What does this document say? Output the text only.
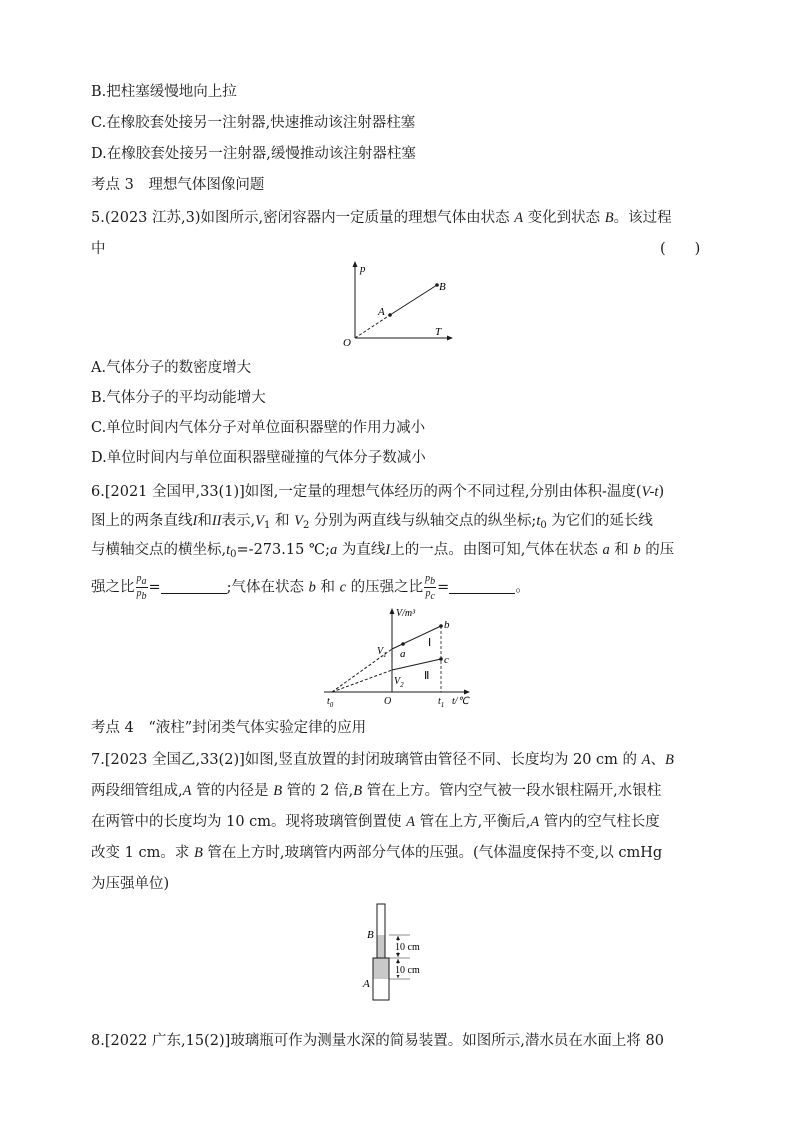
B.把柱塞缓慢地向上拉
C.在橡胶套处接另一注射器,快速推动该注射器柱塞
D.在橡胶套处接另一注射器,缓慢推动该注射器柱塞
考点 3　理想气体图像问题
5.(2023 江苏,3)如图所示,密闭容器内一定质量的理想气体由状态 A 变化到状态 B。该过程
中	(　　)
p
T
O
A
B
A.气体分子的数密度增大
B.气体分子的平均动能增大
C.单位时间内气体分子对单位面积器壁的作用力减小
D.单位时间内与单位面积器壁碰撞的气体分子数减小
6.[2021 全国甲,33(1)]如图,一定量的理想气体经历的两个不同过程,分别由体积-温度(V-t)
图上的两条直线I和II表示$,V_1$ 和 $V_2$ 分别为两直线与纵轴交点的纵坐标$;t_0$ 为它们的延长线
与横轴交点的横坐标$,t_0=-273.15$ ℃;a 为直线I上的一点。由图可知,气体在状态 a 和 b 的压
强之比 $\frac{pa}{pb}$ =	;气体在状态 b 和 c 的压强之比 $\frac{pb}{pc}$ =	。
V/m³
b
c
a
$V_1$
$V_2$
Ⅰ
Ⅱ
$t_0$	O	$t_1$ t/℃
考点 4　“液柱”封闭类气体实验定律的应用
7.[2023 全国乙,33(2)]如图,竖直放置的封闭玻璃管由管径不同、长度均为 20 cm 的 A、B
两段细管组成,A 管的内径是 B 管的 2 倍,B 管在上方。管内空气被一段水银柱隔开,水银柱
在两管中的长度均为 10 cm。现将玻璃管倒置使 A 管在上方,平衡后,A 管内的空气柱长度
改变 1 cm。求 B 管在上方时,玻璃管内两部分气体的压强。(气体温度保持不变,以 cmHg
为压强单位)
10 cm
10 cm
B
A
8.[2022 广东,15(2)]玻璃瓶可作为测量水深的简易装置。如图所示,潜水员在水面上将 80
